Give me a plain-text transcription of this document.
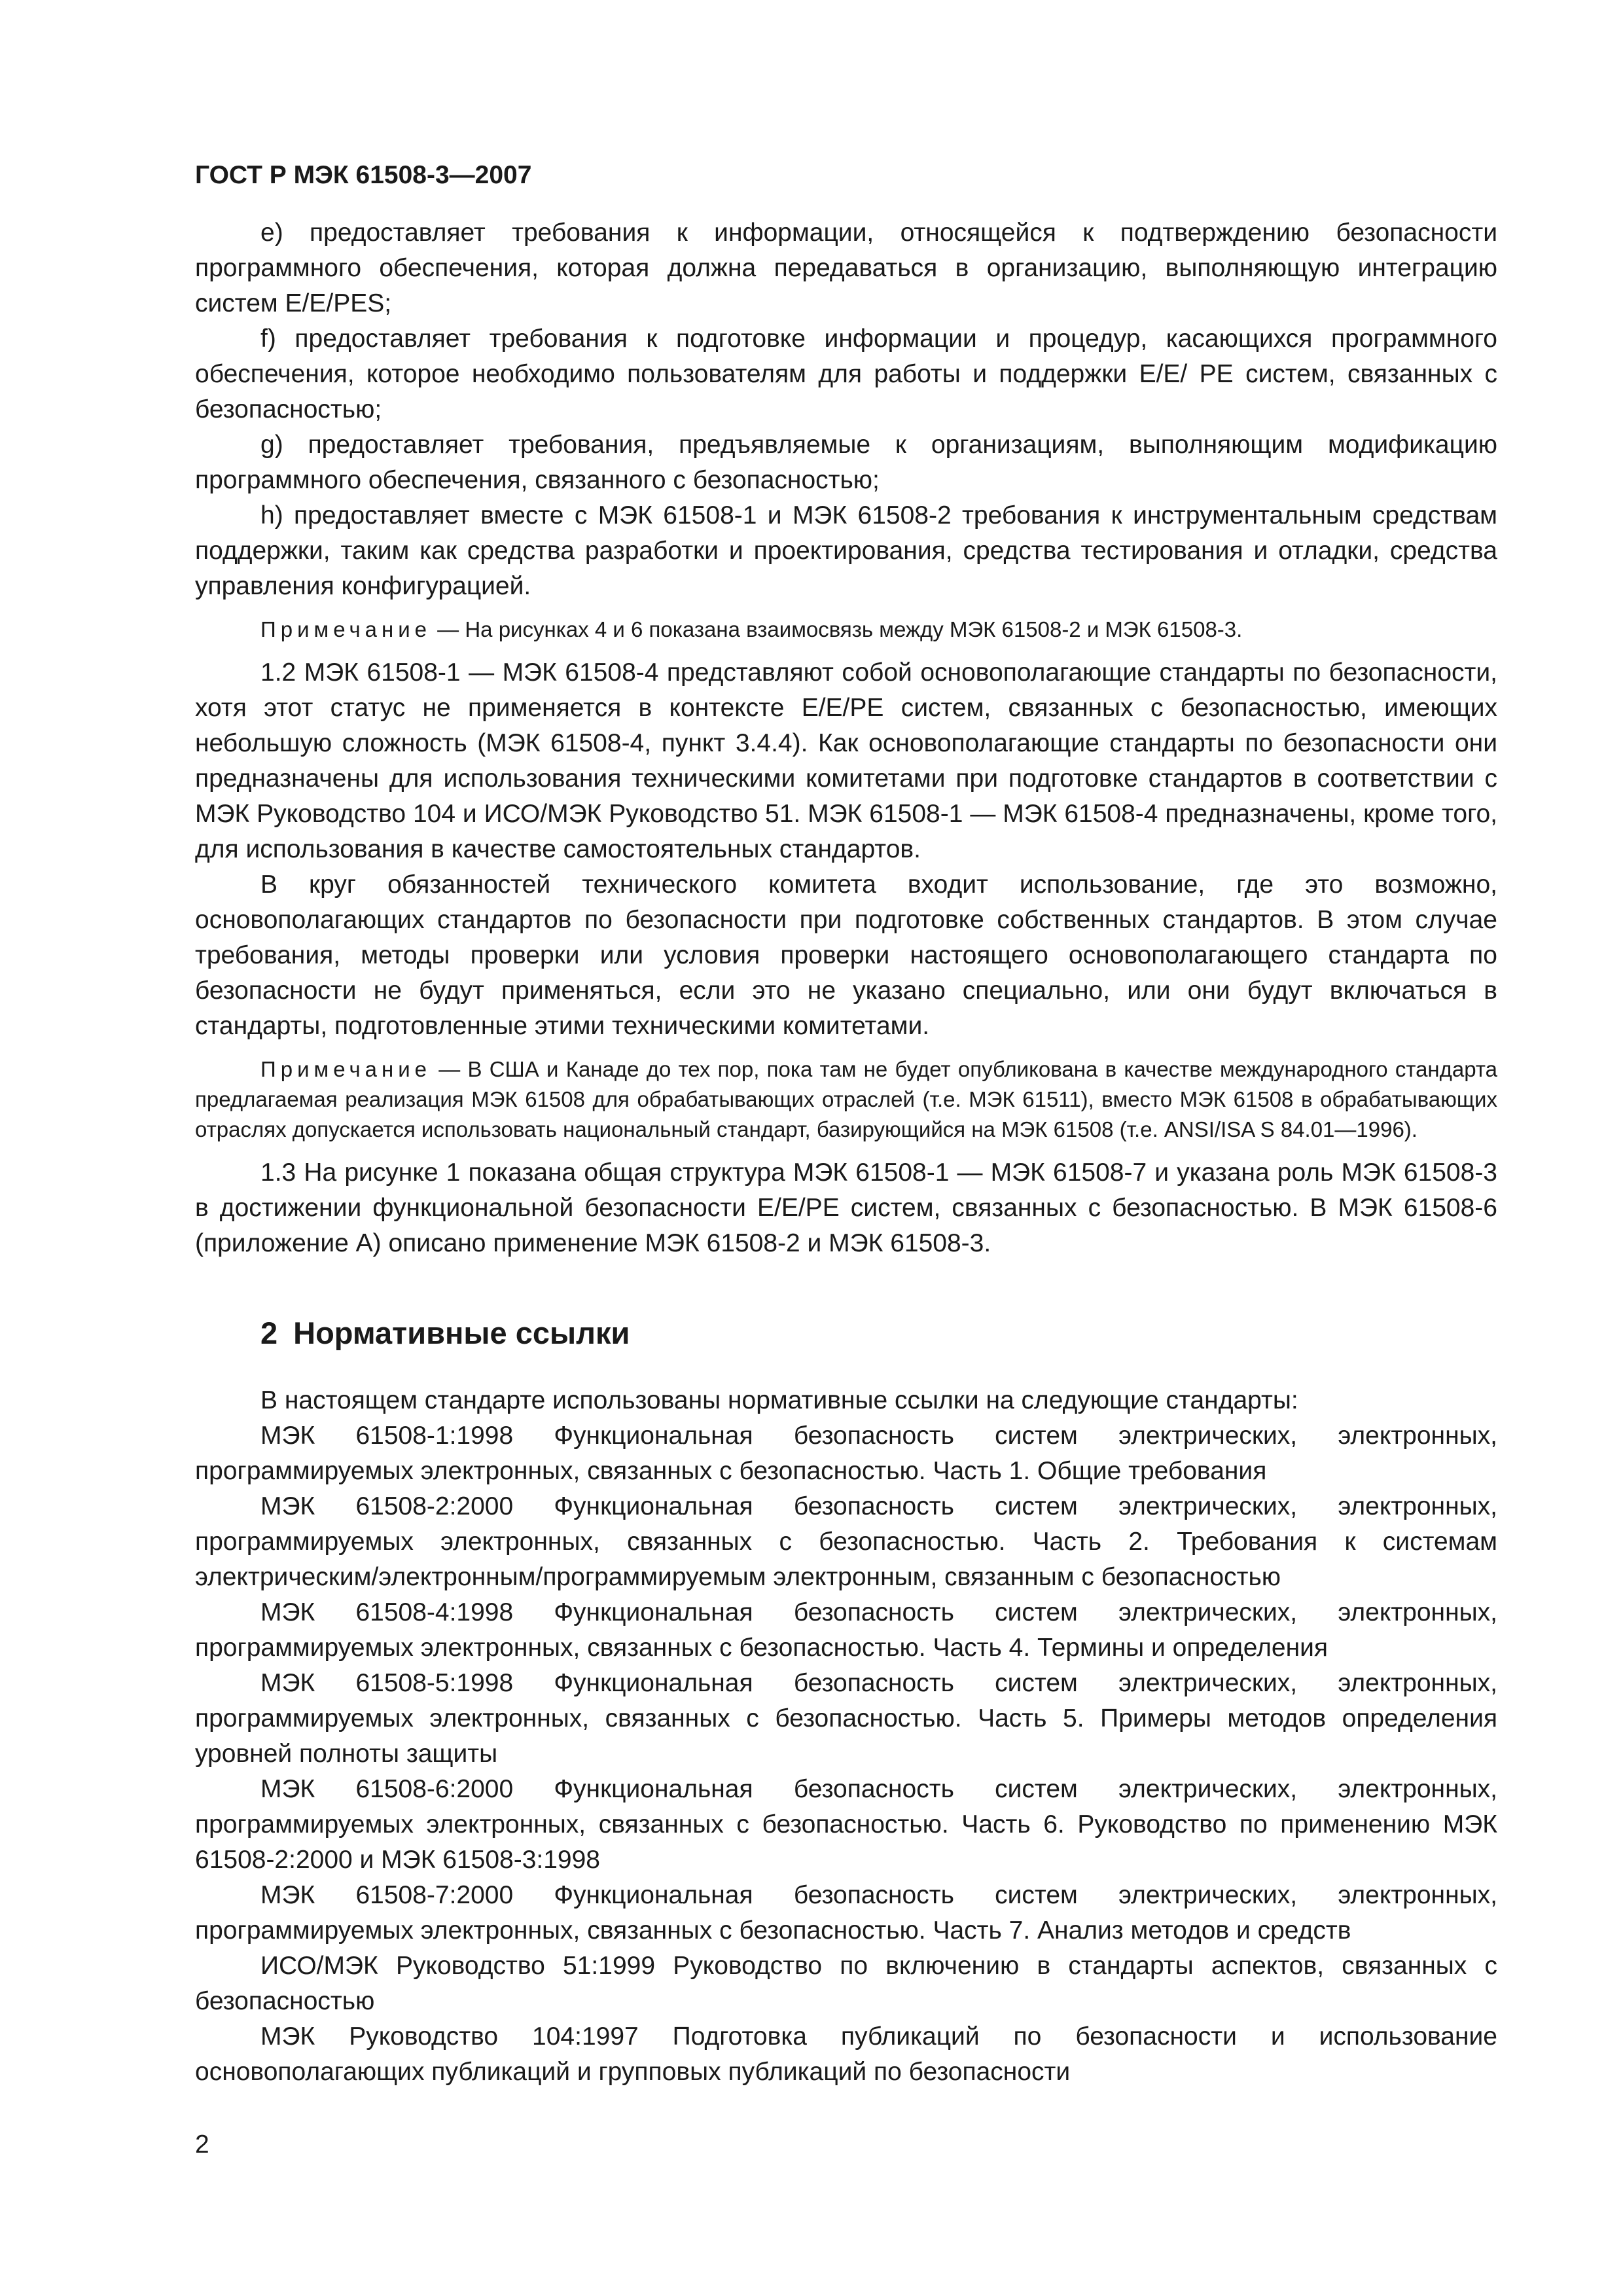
ГОСТ Р МЭК 61508-3—2007

e) предоставляет требования к информации, относящейся к подтверждению безопасности программного обеспечения, которая должна передаваться в организацию, выполняющую интеграцию систем Е/Е/PES;

f) предоставляет требования к подготовке информации и процедур, касающихся программного обеспечения, которое необходимо пользователям для работы и поддержки Е/Е/ PE систем, связанных с безопасностью;

g) предоставляет требования, предъявляемые к организациям, выполняющим модификацию программного обеспечения, связанного с безопасностью;

h) предоставляет вместе с МЭК 61508-1 и МЭК 61508-2 требования к инструментальным средствам поддержки, таким как средства разработки и проектирования, средства тестирования и отладки, средства управления конфигурацией.

Примечание — На рисунках 4 и 6 показана взаимосвязь между МЭК 61508-2 и МЭК 61508-3.

1.2 МЭК 61508-1 — МЭК 61508-4 представляют собой основополагающие стандарты по безопасности, хотя этот статус не применяется в контексте Е/Е/PE систем, связанных с безопасностью, имеющих небольшую сложность (МЭК 61508-4, пункт 3.4.4). Как основополагающие стандарты по безопасности они предназначены для использования техническими комитетами при подготовке стандартов в соответствии с МЭК Руководство 104 и ИСО/МЭК Руководство 51. МЭК 61508-1 — МЭК 61508-4 предназначены, кроме того, для использования в качестве самостоятельных стандартов.

В круг обязанностей технического комитета входит использование, где это возможно, основополагающих стандартов по безопасности при подготовке собственных стандартов. В этом случае требования, методы проверки или условия проверки настоящего основополагающего стандарта по безопасности не будут применяться, если это не указано специально, или они будут включаться в стандарты, подготовленные этими техническими комитетами.

Примечание — В США и Канаде до тех пор, пока там не будет опубликована в качестве международного стандарта предлагаемая реализация МЭК 61508 для обрабатывающих отраслей (т.е. МЭК 61511), вместо МЭК 61508 в обрабатывающих отраслях допускается использовать национальный стандарт, базирующийся на МЭК 61508 (т.е. ANSI/ISA S 84.01—1996).

1.3 На рисунке 1 показана общая структура МЭК 61508-1 — МЭК 61508-7 и указана роль МЭК 61508-3 в достижении функциональной безопасности Е/Е/PE систем, связанных с безопасностью. В МЭК 61508-6 (приложение А) описано применение МЭК 61508-2 и МЭК 61508-3.

2 Нормативные ссылки

В настоящем стандарте использованы нормативные ссылки на следующие стандарты:

МЭК 61508-1:1998 Функциональная безопасность систем электрических, электронных, программируемых электронных, связанных с безопасностью. Часть 1. Общие требования

МЭК 61508-2:2000 Функциональная безопасность систем электрических, электронных, программируемых электронных, связанных с безопасностью. Часть 2. Требования к системам электрическим/электронным/программируемым электронным, связанным с безопасностью

МЭК 61508-4:1998 Функциональная безопасность систем электрических, электронных, программируемых электронных, связанных с безопасностью. Часть 4. Термины и определения

МЭК 61508-5:1998 Функциональная безопасность систем электрических, электронных, программируемых электронных, связанных с безопасностью. Часть 5. Примеры методов определения уровней полноты защиты

МЭК 61508-6:2000 Функциональная безопасность систем электрических, электронных, программируемых электронных, связанных с безопасностью. Часть 6. Руководство по применению МЭК 61508-2:2000 и МЭК 61508-3:1998

МЭК 61508-7:2000 Функциональная безопасность систем электрических, электронных, программируемых электронных, связанных с безопасностью. Часть 7. Анализ методов и средств

ИСО/МЭК Руководство 51:1999 Руководство по включению в стандарты аспектов, связанных с безопасностью

МЭК Руководство 104:1997 Подготовка публикаций по безопасности и использование основополагающих публикаций и групповых публикаций по безопасности

2
